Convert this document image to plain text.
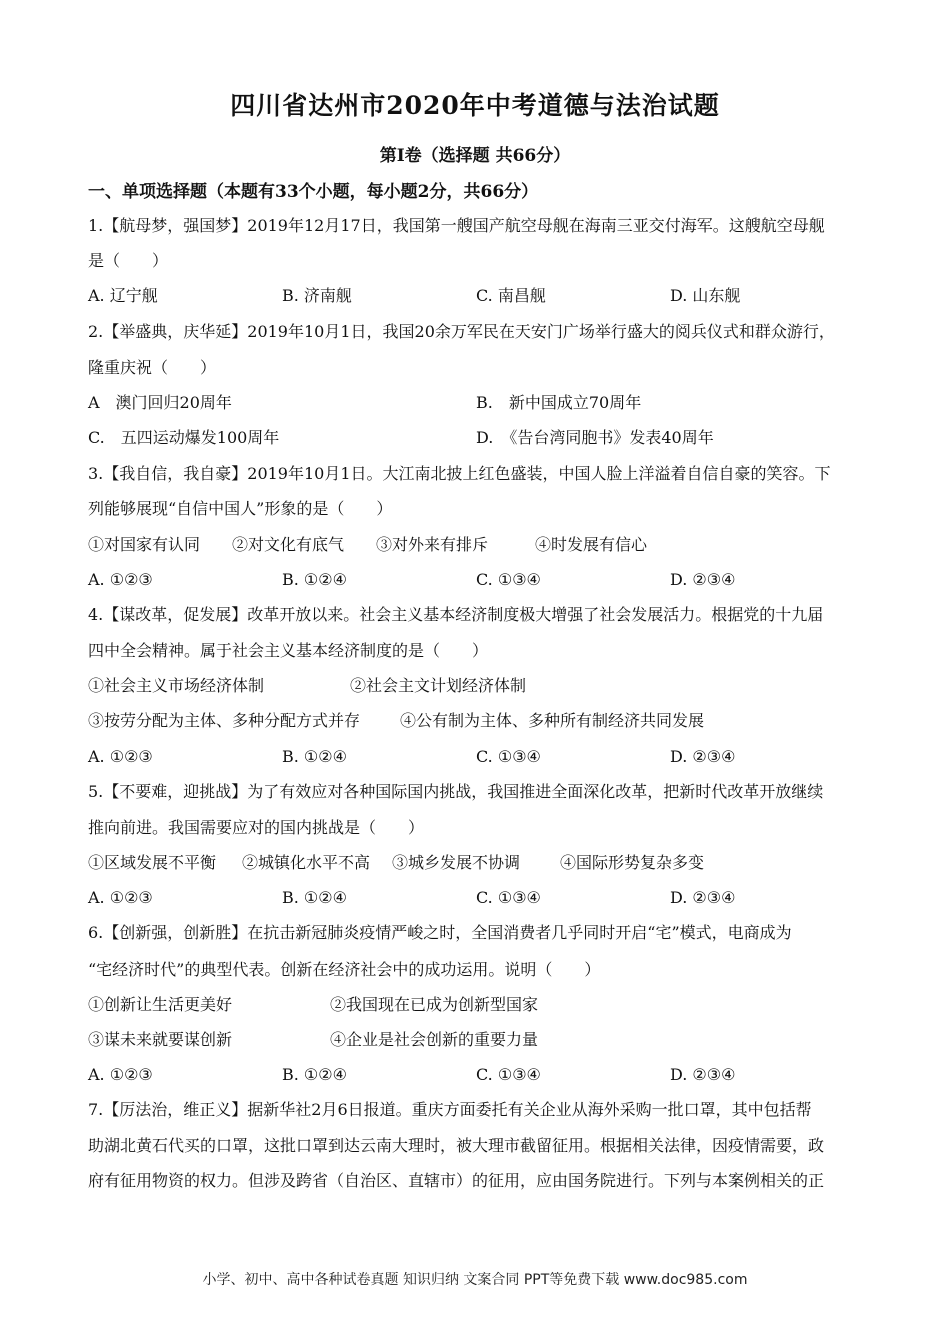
四川省达州市2020年中考道德与法治试题
第I卷（选择题 共66分）
一、单项选择题（本题有33个小题，每小题2分，共66分）
1.【航母梦，强国梦】2019年12月17日，我国第一艘国产航空母舰在海南三亚交付海军。这艘航空母舰
是（　　）
A. 辽宁舰	B. 济南舰	C. 南昌舰	D. 山东舰
2.【举盛典，庆华延】2019年10月1日，我国20余万军民在天安门广场举行盛大的阅兵仪式和群众游行，
隆重庆祝（　　）
A　澳门回归20周年	B.　新中国成立70周年
C.　五四运动爆发100周年	D.　《告台湾同胞书》发表40周年
3.【我自信，我自豪】2019年10月1日。大江南北披上红色盛装，中国人脸上洋溢着自信自豪的笑容。下
列能够展现“自信中国人”形象的是（　　）
①对国家有认同 ②对文化有底气 ③对外来有排斥	④时发展有信心
A. ①②③	B. ①②④	C. ①③④	D. ②③④
4.【谋改革，促发展】改革开放以来。社会主义基本经济制度极大增强了社会发展活力。根据党的十九届
四中全会精神。属于社会主义基本经济制度的是（　　）
①社会主义市场经济体制	②社会主文计划经济体制
③按劳分配为主体、多种分配方式并存 ④公有制为主体、多种所有制经济共同发展
A. ①②③	B. ①②④	C. ①③④	D. ②③④
5.【不要难，迎挑战】为了有效应对各种国际国内挑战，我国推进全面深化改革，把新时代改革开放继续
推向前进。我国需要应对的国内挑战是（　　）
①区域发展不平衡 ②城镇化水平不高 ③城乡发展不协调 ④国际形势复杂多变
A. ①②③	B. ①②④	C. ①③④	D. ②③④
6.【创新强，创新胜】在抗击新冠肺炎疫情严峻之时，全国消费者几乎同时开启“宅”模式，电商成为
“宅经济时代”的典型代表。创新在经济社会中的成功运用。说明（　　）
①创新让生活更美好	②我国现在已成为创新型国家
③谋未来就要谋创新	④企业是社会创新的重要力量
A. ①②③	B. ①②④	C. ①③④	D. ②③④
7.【厉法治，维正义】据新华社2月6日报道。重庆方面委托有关企业从海外采购一批口罩，其中包括帮
助湖北黄石代买的口罩，这批口罩到达云南大理时，被大理市截留征用。根据相关法律，因疫情需要，政
府有征用物资的权力。但涉及跨省（自治区、直辖市）的征用，应由国务院进行。下列与本案例相关的正
小学、初中、高中各种试卷真题 知识归纳 文案合同 PPT等免费下载 www.doc985.com
